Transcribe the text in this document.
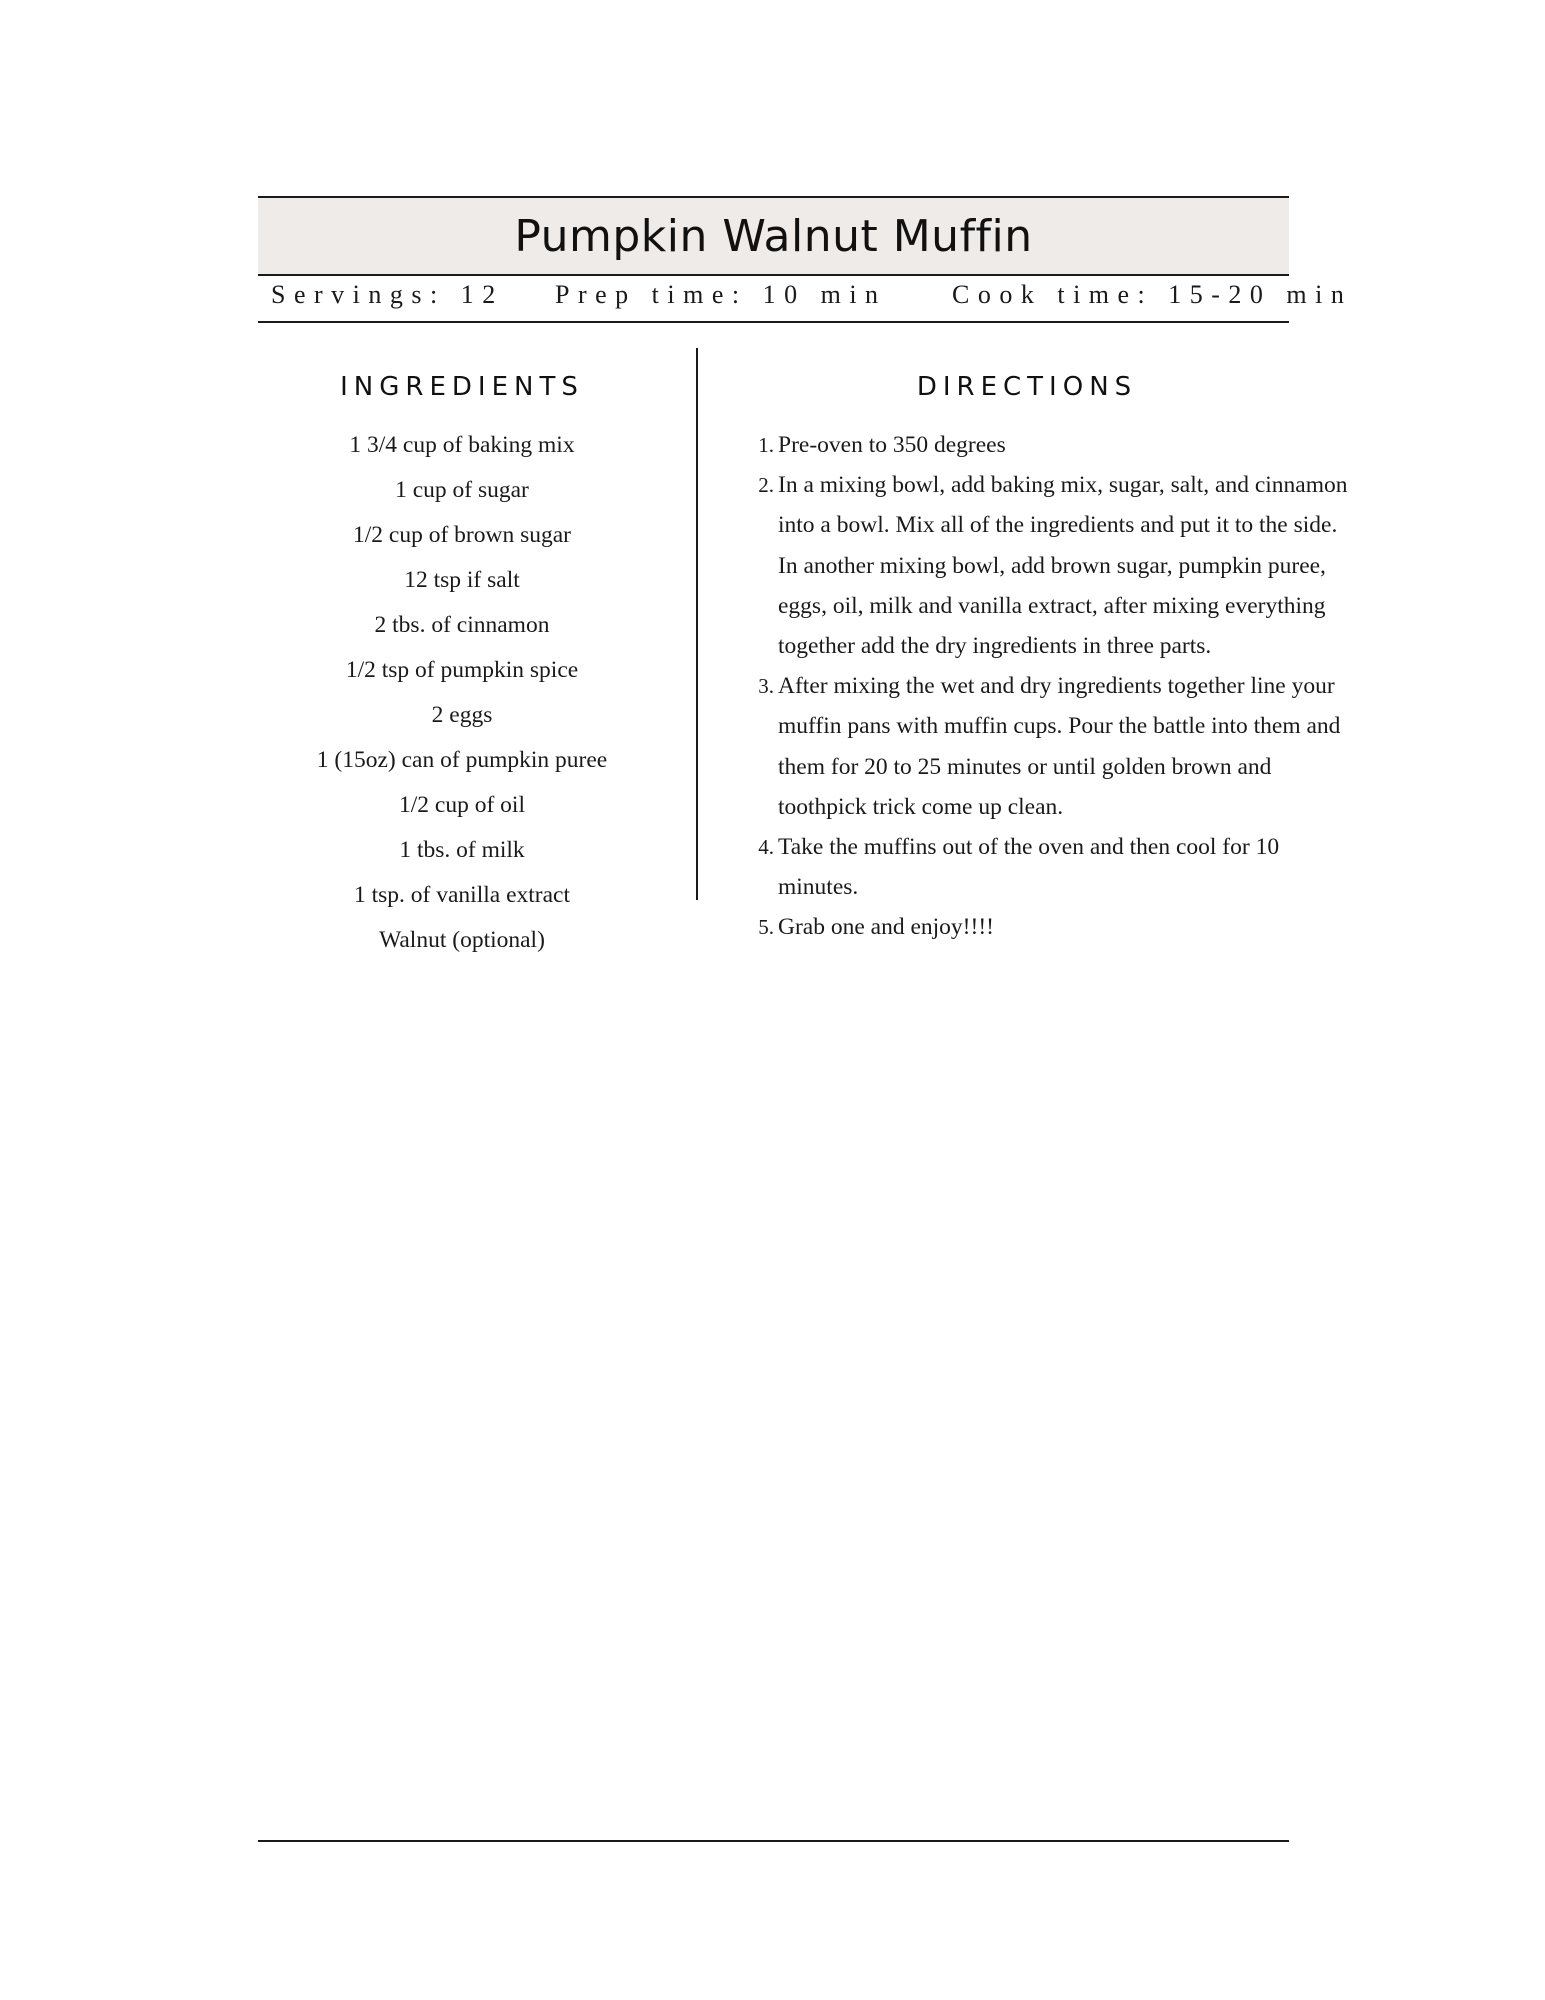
Pumpkin Walnut Muffin
Servings: 12 Prep time: 10 min	Cook time: 15-20 min
INGREDIENTS
1 3/4 cup of baking mix
1 cup of sugar
1/2 cup of brown sugar
12 tsp if salt
2 tbs. of cinnamon
1/2 tsp of pumpkin spice
2 eggs
1 (15oz) can of pumpkin puree
1/2 cup of oil
1 tbs. of milk
1 tsp. of vanilla extract
Walnut (optional)
DIRECTIONS
1. Pre-oven to 350 degrees
2. In a mixing bowl, add baking mix, sugar, salt, and cinnamon into a bowl. Mix all of the ingredients and put it to the side. In another mixing bowl, add brown sugar, pumpkin puree, eggs, oil, milk and vanilla extract, after mixing everything together add the dry ingredients in three parts.
3. After mixing the wet and dry ingredients together line your muffin pans with muffin cups. Pour the battle into them and them for 20 to 25 minutes or until golden brown and toothpick trick come up clean.
4. Take the muffins out of the oven and then cool for 10 minutes.
5. Grab one and enjoy!!!!
